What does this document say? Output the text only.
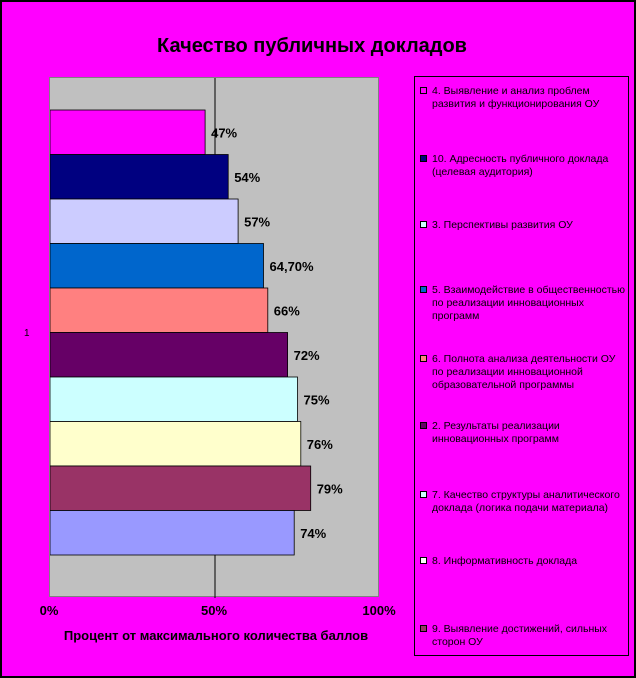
Качество публичных докладов
47%
54%
57%
64,70%
66%
72%
75%
76%
79%
74%
1
0%	50%	100%
Процент от максимального количества баллов
4. Выявление и анализ проблем развития и функционирования ОУ
10. Адресность публичного доклада (целевая аудитория)
3. Перспективы развития ОУ
5. Взаимодействие в общественностью по реализации инновационных программ
6. Полнота анализа деятельности ОУ по реализации инновационной образовательной программы
2. Результаты реализации инновационных программ
7. Качество структуры аналитического доклада (логика подачи материала)
8. Информативность доклада
9. Выявление достижений, сильных сторон ОУ
